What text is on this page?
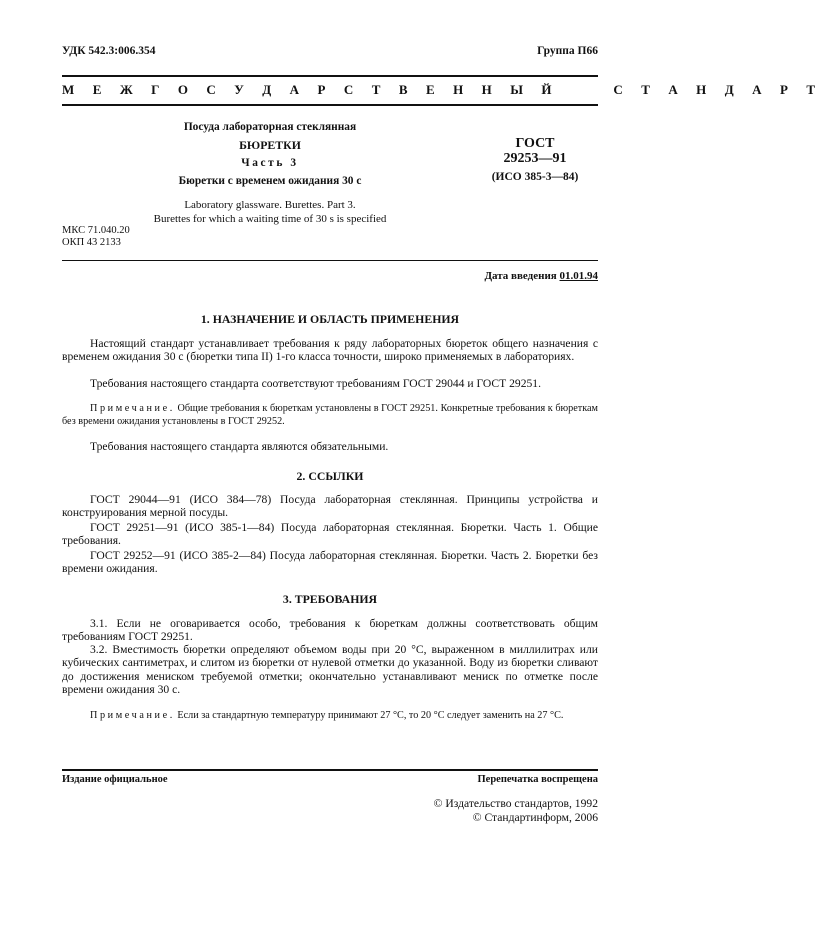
УДК 542.3:006.354	Группа П66
М Е Ж Г О С У Д А Р С Т В Е Н Н Ы Й     С Т А Н Д А Р Т
Посуда лабораторная стеклянная
БЮРЕТКИ
Часть 3
Бюретки с временем ожидания 30 с
Laboratory glassware. Burettes. Part 3.
Burettes for which a waiting time of 30 s is specified
ГОСТ
29253—91
(ИСО 385-3—84)
МКС 71.040.20
ОКП 43 2133
Дата введения 01.01.94
1. НАЗНАЧЕНИЕ И ОБЛАСТЬ ПРИМЕНЕНИЯ
Настоящий стандарт устанавливает требования к ряду лабораторных бюреток общего назначения с временем ожидания 30 с (бюретки типа II) 1-го класса точности, широко применяемых в лабораториях.
Требования настоящего стандарта соответствуют требованиям ГОСТ 29044 и ГОСТ 29251.
Примечание. Общие требования к бюреткам установлены в ГОСТ 29251. Конкретные требования к бюреткам без времени ожидания установлены в ГОСТ 29252.
Требования настоящего стандарта являются обязательными.
2. ССЫЛКИ
ГОСТ 29044—91 (ИСО 384—78) Посуда лабораторная стеклянная. Принципы устройства и конструирования мерной посуды.
ГОСТ 29251—91 (ИСО 385-1—84) Посуда лабораторная стеклянная. Бюретки. Часть 1. Общие требования.
ГОСТ 29252—91 (ИСО 385-2—84) Посуда лабораторная стеклянная. Бюретки. Часть 2. Бюретки без времени ожидания.
3. ТРЕБОВАНИЯ
3.1. Если не оговаривается особо, требования к бюреткам должны соответствовать общим требованиям ГОСТ 29251.
3.2. Вместимость бюретки определяют объемом воды при 20 °С, выраженном в миллилитрах или кубических сантиметрах, и слитом из бюретки от нулевой отметки до указанной. Воду из бюретки сливают до достижения мениском требуемой отметки; окончательно устанавливают мениск по отметке после времени ожидания 30 с.
Примечание. Если за стандартную температуру принимают 27 °С, то 20 °С следует заменить на 27 °С.
Издание официальное	Перепечатка воспрещена
© Издательство стандартов, 1992
© Стандартинформ, 2006
